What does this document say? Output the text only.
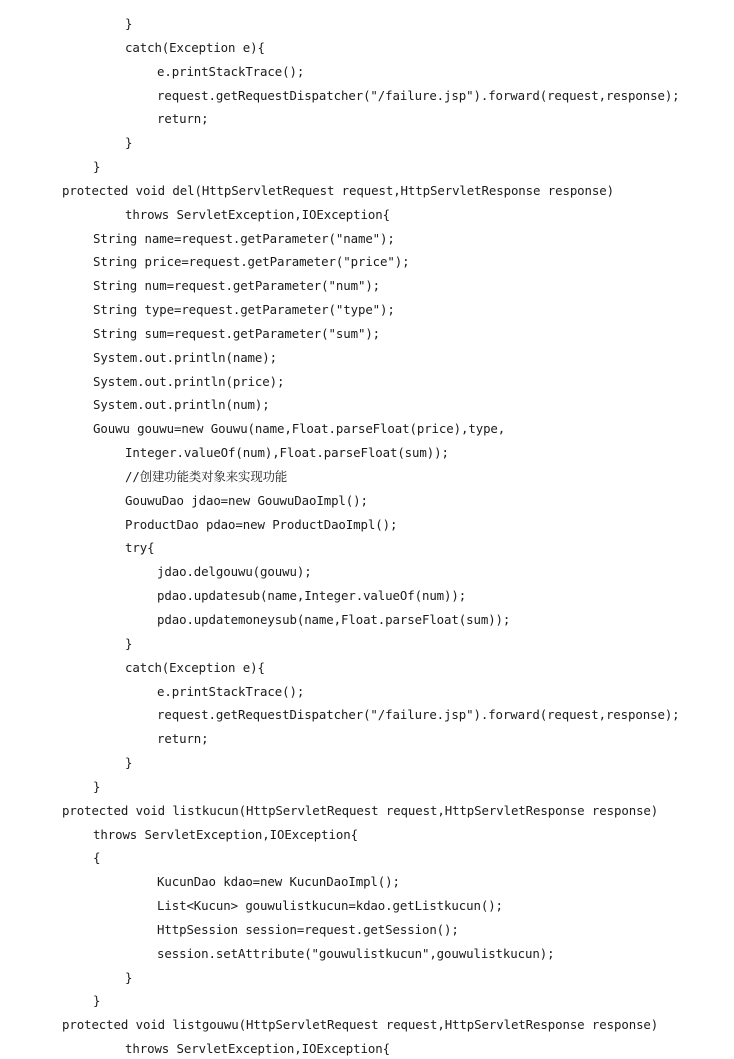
}
catch(Exception e){
e.printStackTrace();
request.getRequestDispatcher("/failure.jsp").forward(request,response);
return;
}
}
protected void del(HttpServletRequest request,HttpServletResponse response)
throws ServletException,IOException{
String name=request.getParameter("name");
String price=request.getParameter("price");
String num=request.getParameter("num");
String type=request.getParameter("type");
String sum=request.getParameter("sum");
System.out.println(name);
System.out.println(price);
System.out.println(num);
Gouwu gouwu=new Gouwu(name,Float.parseFloat(price),type,
Integer.valueOf(num),Float.parseFloat(sum));
//创建功能类对象来实现功能
GouwuDao jdao=new GouwuDaoImpl();
ProductDao pdao=new ProductDaoImpl();
try{
jdao.delgouwu(gouwu);
pdao.updatesub(name,Integer.valueOf(num));
pdao.updatemoneysub(name,Float.parseFloat(sum));
}
catch(Exception e){
e.printStackTrace();
request.getRequestDispatcher("/failure.jsp").forward(request,response);
return;
}
}
protected void listkucun(HttpServletRequest request,HttpServletResponse response)
throws ServletException,IOException{
{
KucunDao kdao=new KucunDaoImpl();
List<Kucun> gouwulistkucun=kdao.getListkucun();
HttpSession session=request.getSession();
session.setAttribute("gouwulistkucun",gouwulistkucun);
}
}
protected void listgouwu(HttpServletRequest request,HttpServletResponse response)
throws ServletException,IOException{
